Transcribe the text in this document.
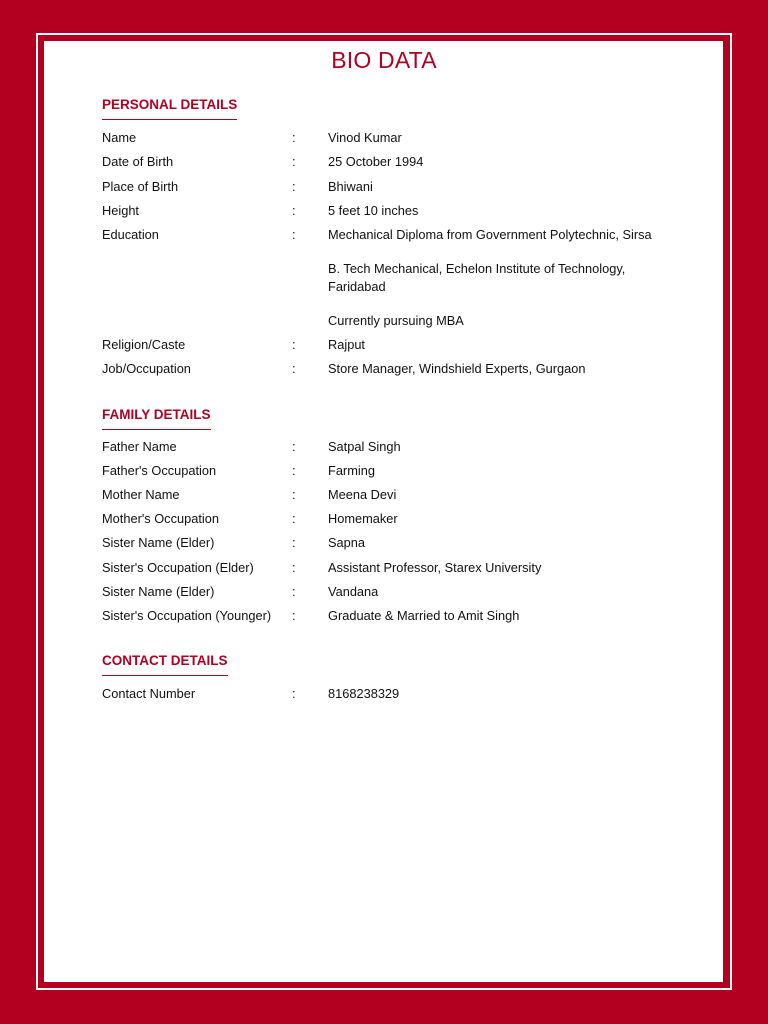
BIO DATA
PERSONAL DETAILS
Name	:	Vinod Kumar
Date of Birth	:	25 October 1994
Place of Birth	:	Bhiwani
Height	:	5 feet 10 inches
Education	:	Mechanical Diploma from Government Polytechnic, Sirsa
B. Tech Mechanical, Echelon Institute of Technology, Faridabad
Currently pursuing MBA
Religion/Caste	:	Rajput
Job/Occupation	:	Store Manager, Windshield Experts, Gurgaon
FAMILY DETAILS
Father Name	:	Satpal Singh
Father's Occupation	:	Farming
Mother Name	:	Meena Devi
Mother's Occupation	:	Homemaker
Sister Name (Elder)	:	Sapna
Sister's Occupation (Elder)	:	Assistant Professor, Starex University
Sister Name (Elder)	:	Vandana
Sister's Occupation (Younger)	:	Graduate & Married to Amit Singh
CONTACT DETAILS
Contact Number	:	8168238329
